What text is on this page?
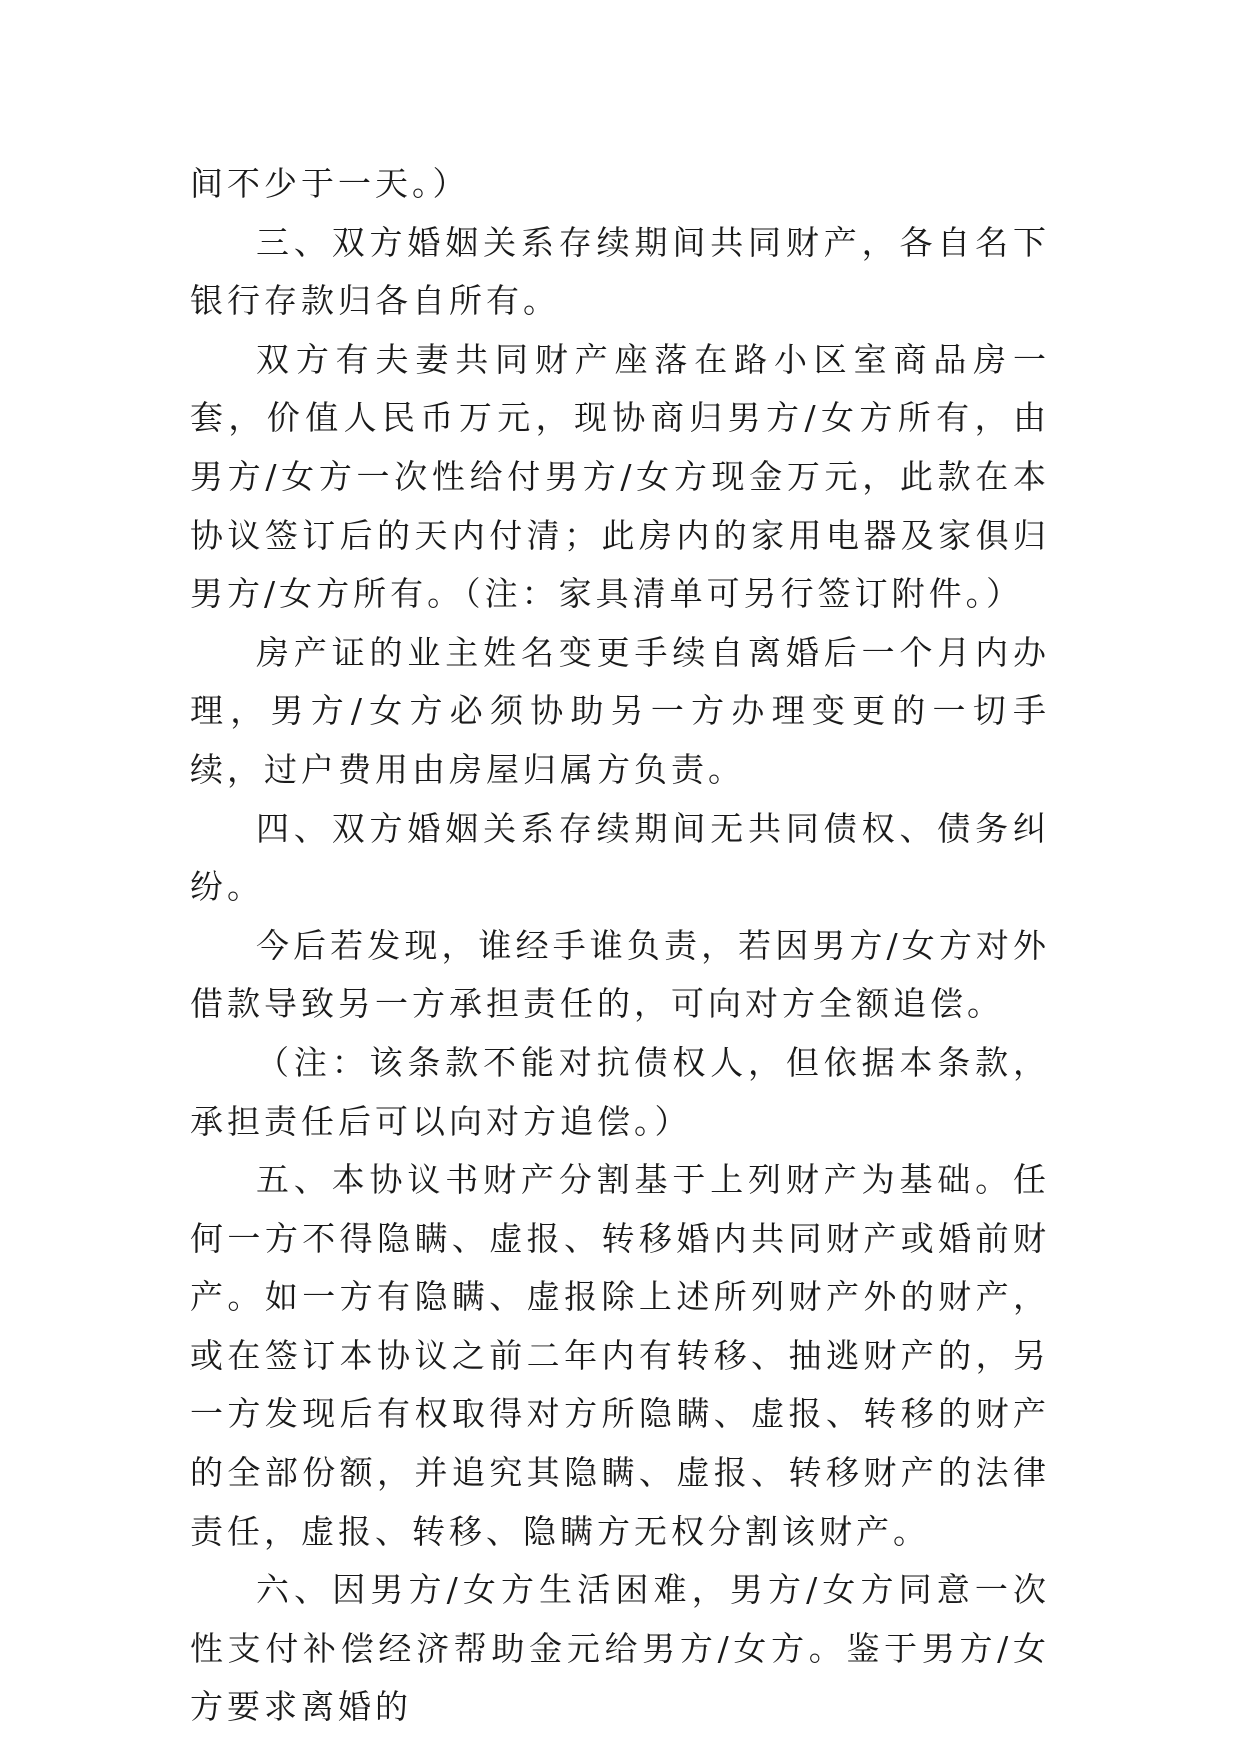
间不少于一天。）

三、双方婚姻关系存续期间共同财产，各自名下银行存款归各自所有。

双方有夫妻共同财产座落在路小区室商品房一套，价值人民币万元，现协商归男方/女方所有，由男方/女方一次性给付男方/女方现金万元，此款在本协议签订后的天内付清；此房内的家用电器及家俱归男方/女方所有。（注：家具清单可另行签订附件。）

房产证的业主姓名变更手续自离婚后一个月内办理，男方/女方必须协助另一方办理变更的一切手续，过户费用由房屋归属方负责。

四、双方婚姻关系存续期间无共同债权、债务纠纷。

今后若发现，谁经手谁负责，若因男方/女方对外借款导致另一方承担责任的，可向对方全额追偿。

（注：该条款不能对抗债权人，但依据本条款，承担责任后可以向对方追偿。）

五、本协议书财产分割基于上列财产为基础。任何一方不得隐瞒、虚报、转移婚内共同财产或婚前财产。如一方有隐瞒、虚报除上述所列财产外的财产，或在签订本协议之前二年内有转移、抽逃财产的，另一方发现后有权取得对方所隐瞒、虚报、转移的财产的全部份额，并追究其隐瞒、虚报、转移财产的法律责任，虚报、转移、隐瞒方无权分割该财产。

六、因男方/女方生活困难，男方/女方同意一次性支付补偿经济帮助金元给男方/女方。鉴于男方/女方要求离婚的
